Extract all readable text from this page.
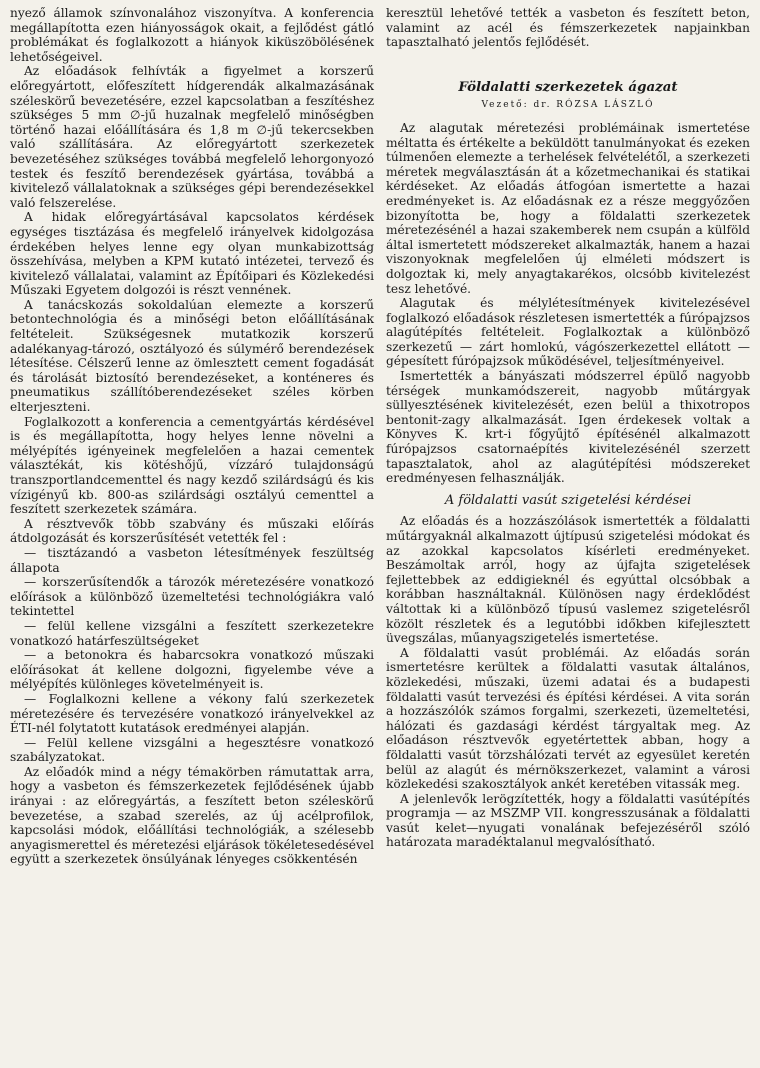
nyező államok színvonalához viszonyítva. A konferencia megállapította ezen hiányosságok okait, a fejlődést gátló problémákat és foglalkozott a hiányok kiküszöbölésének lehetőségeivel.

Az előadások felhívták a figyelmet a korszerű előregyártott, előfeszített hídgerendák alkalmazásának széleskörű bevezetésére, ezzel kapcsolatban a feszítéshez szükséges 5 mm ∅-jű huzalnak megfelelő minőségben történő hazai előállítására és 1,8 m ∅-jű tekercsekben való szállítására. Az előregyártott szerkezetek bevezetéséhez szükséges továbbá megfelelő lehorgonyozó testek és feszítő berendezések gyártása, továbbá a kivitelező vállalatoknak a szükséges gépi berendezésekkel való felszerelése.

A hidak előregyártásával kapcsolatos kérdések egységes tisztázása és megfelelő irányelvek kidolgozása érdekében helyes lenne egy olyan munkabizottság összehívása, melyben a KPM kutató intézetei, tervező és kivitelező vállalatai, valamint az Építőipari és Közlekedési Műszaki Egyetem dolgozói is részt vennének.

A tanácskozás sokoldalúan elemezte a korszerű betontechnológia és a minőségi beton előállításának feltételeit. Szükségesnek mutatkozik korszerű adalékanyag-tározó, osztályozó és súlymérő berendezések létesítése. Célszerű lenne az ömlesztett cement fogadását és tárolását biztosító berendezéseket, a konténeres és pneumatikus szállítóberendezéseket széles körben elterjeszteni.

Foglalkozott a konferencia a cementgyártás kérdésével is és megállapította, hogy helyes lenne növelni a mélyépítés igényeinek megfelelően a hazai cementek választékát, kis kötéshőjű, vízzáró tulajdonságú transzportlandcementtel és nagy kezdő szilárdságú és kis vízigényű kb. 800-as szilárdsági osztályú cementtel a feszített szerkezetek számára.

A résztvevők több szabvány és műszaki előírás átdolgozását és korszerűsítését vetették fel :

— tisztázandó a vasbeton létesítmények feszültség állapota

— korszerűsítendők a tározók méretezésére vonatkozó előírások a különböző üzemeltetési technológiákra való tekintettel

— felül kellene vizsgálni a feszített szerkezetekre vonatkozó határfeszültségeket

— a betonokra és habarcsokra vonatkozó műszaki előírásokat át kellene dolgozni, figyelembe véve a mélyépítés különleges követelményeit is.

— Foglalkozni kellene a vékony falú szerkezetek méretezésére és tervezésére vonatkozó irányelvekkel az ÉTI-nél folytatott kutatások eredményei alapján.

— Felül kellene vizsgálni a hegesztésre vonatkozó szabályzatokat.

Az előadók mind a négy témakörben rámutattak arra, hogy a vasbeton és fémszerkezetek fejlődésének újabb irányai : az előregyártás, a feszített beton széleskörű bevezetése, a szabad szerelés, az új acélprofilok, kapcsolási módok, előállítási technológiák, a szélesebb anyagismerettel és méretezési eljárások tökéletesedésével együtt a szerkezetek önsúlyának lényeges csökkentésén

keresztül lehetővé tették a vasbeton és feszített beton, valamint az acél és fémszerkezetek napjainkban tapasztalható jelentős fejlődését.

Földalatti szerkezetek ágazat
Vezető: dr. RÓZSA LÁSZLÓ

Az alagutak méretezési problémáinak ismertetése méltatta és értékelte a beküldött tanulmányokat és ezeken túlmenően elemezte a terhelések felvételétől, a szerkezeti méretek megválasztásán át a kőzetmechanikai és statikai kérdéseket. Az előadás átfogóan ismertette a hazai eredményeket is. Az előadásnak ez a része meggyőzően bizonyította be, hogy a földalatti szerkezetek méretezésénél a hazai szakemberek nem csupán a külföld által ismertetett módszereket alkalmazták, hanem a hazai viszonyoknak megfelelően új elméleti módszert is dolgoztak ki, mely anyagtakarékos, olcsóbb kivitelezést tesz lehetővé.

Alagutak és mélylétesítmények kivitelezésével foglalkozó előadások részletesen ismertették a fúrópajzsos alagútépítés feltételeit. Foglalkoztak a különböző szerkezetű — zárt homlokú, vágószerkezettel ellátott — gépesített fúrópajzsok működésével, teljesítményeivel.

Ismertették a bányászati módszerrel épülő nagyobb térségek munkamódszereit, nagyobb műtárgyak süllyesztésének kivitelezését, ezen belül a thixotropos bentonit-zagy alkalmazását. Igen érdekesek voltak a Könyves K. krt-i főgyűjtő építésénél alkalmazott fúrópajzsos csatornaépítés kivitelezésénél szerzett tapasztalatok, ahol az alagútépítési módszereket eredményesen felhasználják.

A földalatti vasút szigetelési kérdései

Az előadás és a hozzászólások ismertették a földalatti műtárgyaknál alkalmazott újtípusú szigetelési módokat és az azokkal kapcsolatos kísérleti eredményeket. Beszámoltak arról, hogy az újfajta szigetelések fejlettebbek az eddigieknél és egyúttal olcsóbbak a korábban használtaknál. Különösen nagy érdeklődést váltottak ki a különböző típusú vaslemez szigetelésről közölt részletek és a legutóbbi időkben kifejlesztett üvegszálas, műanyagszigetelés ismertetése.

A földalatti vasút problémái. Az előadás során ismertetésre kerültek a földalatti vasutak általános, közlekedési, műszaki, üzemi adatai és a budapesti földalatti vasút tervezési és építési kérdései. A vita során a hozzászólók számos forgalmi, szerkezeti, üzemeltetési, hálózati és gazdasági kérdést tárgyaltak meg. Az előadáson résztvevők egyetértettek abban, hogy a földalatti vasút törzshálózati tervét az egyesület keretén belül az alagút és mérnökszerkezet, valamint a városi közlekedési szakosztályok ankét keretében vitassák meg.

A jelenlevők lerögzítették, hogy a földalatti vasútépítés programja — az MSZMP VII. kongresszusának a földalatti vasút kelet—nyugati vonalának befejezéséről szóló határozata maradéktalanul megvalósítható.
